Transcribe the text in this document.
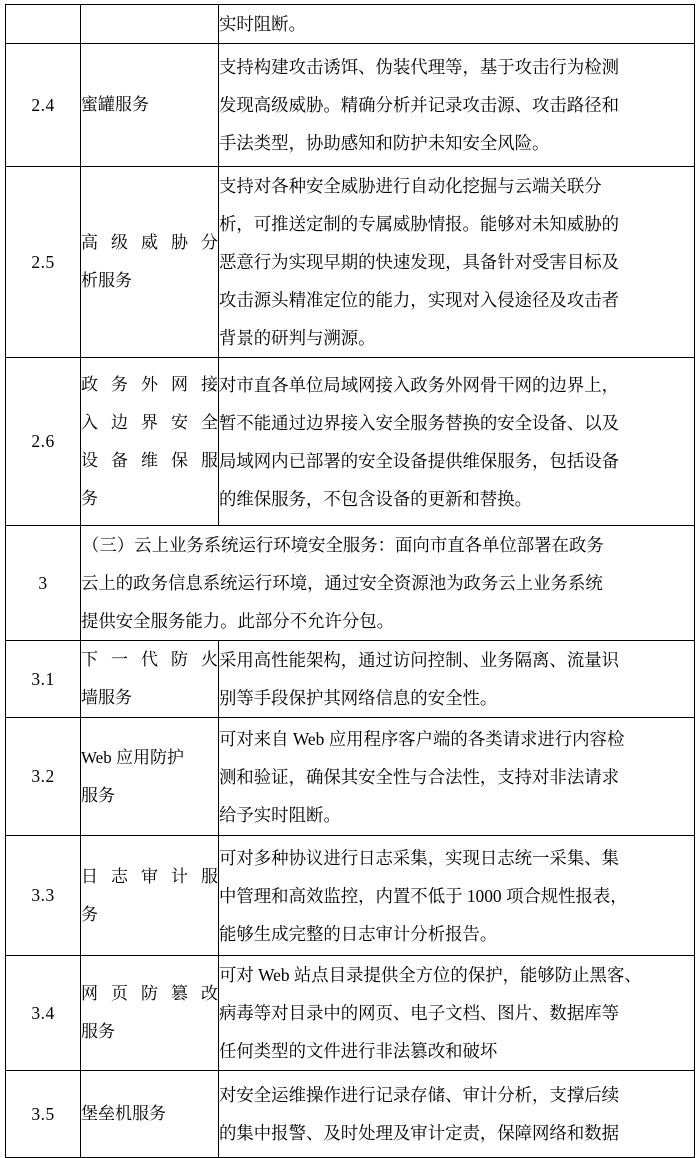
		实时阻断。

2.4	蜜罐服务	支持构建攻击诱饵、伪装代理等，基于攻击行为检测
发现高级威胁。精确分析并记录攻击源、攻击路径和
手法类型，协助感知和防护未知安全风险。

2.5	高级威胁分
析服务	支持对各种安全威胁进行自动化挖掘与云端关联分
析，可推送定制的专属威胁情报。能够对未知威胁的
恶意行为实现早期的快速发现，具备针对受害目标及
攻击源头精准定位的能力，实现对入侵途径及攻击者
背景的研判与溯源。

2.6	政务外网接
入边界安全
设备维保服
务	对市直各单位局域网接入政务外网骨干网的边界上，
暂不能通过边界接入安全服务替换的安全设备、以及
局域网内已部署的安全设备提供维保服务，包括设备
的维保服务，不包含设备的更新和替换。

3	（三）云上业务系统运行环境安全服务：面向市直各单位部署在政务
云上的政务信息系统运行环境，通过安全资源池为政务云上业务系统
提供安全服务能力。此部分不允许分包。	

3.1	下一代防火
墙服务	采用高性能架构，通过访问控制、业务隔离、流量识
别等手段保护其网络信息的安全性。

3.2	Web 应用防护
服务	可对来自 Web 应用程序客户端的各类请求进行内容检
测和验证，确保其安全性与合法性，支持对非法请求
给予实时阻断。

3.3	日志审计服
务	可对多种协议进行日志采集，实现日志统一采集、集
中管理和高效监控，内置不低于 1000 项合规性报表，
能够生成完整的日志审计分析报告。

3.4	网页防篡改
服务	可对 Web 站点目录提供全方位的保护，能够防止黑客、
病毒等对目录中的网页、电子文档、图片、数据库等
任何类型的文件进行非法篡改和破坏

3.5	堡垒机服务	对安全运维操作进行记录存储、审计分析，支撑后续
的集中报警、及时处理及审计定责，保障网络和数据
